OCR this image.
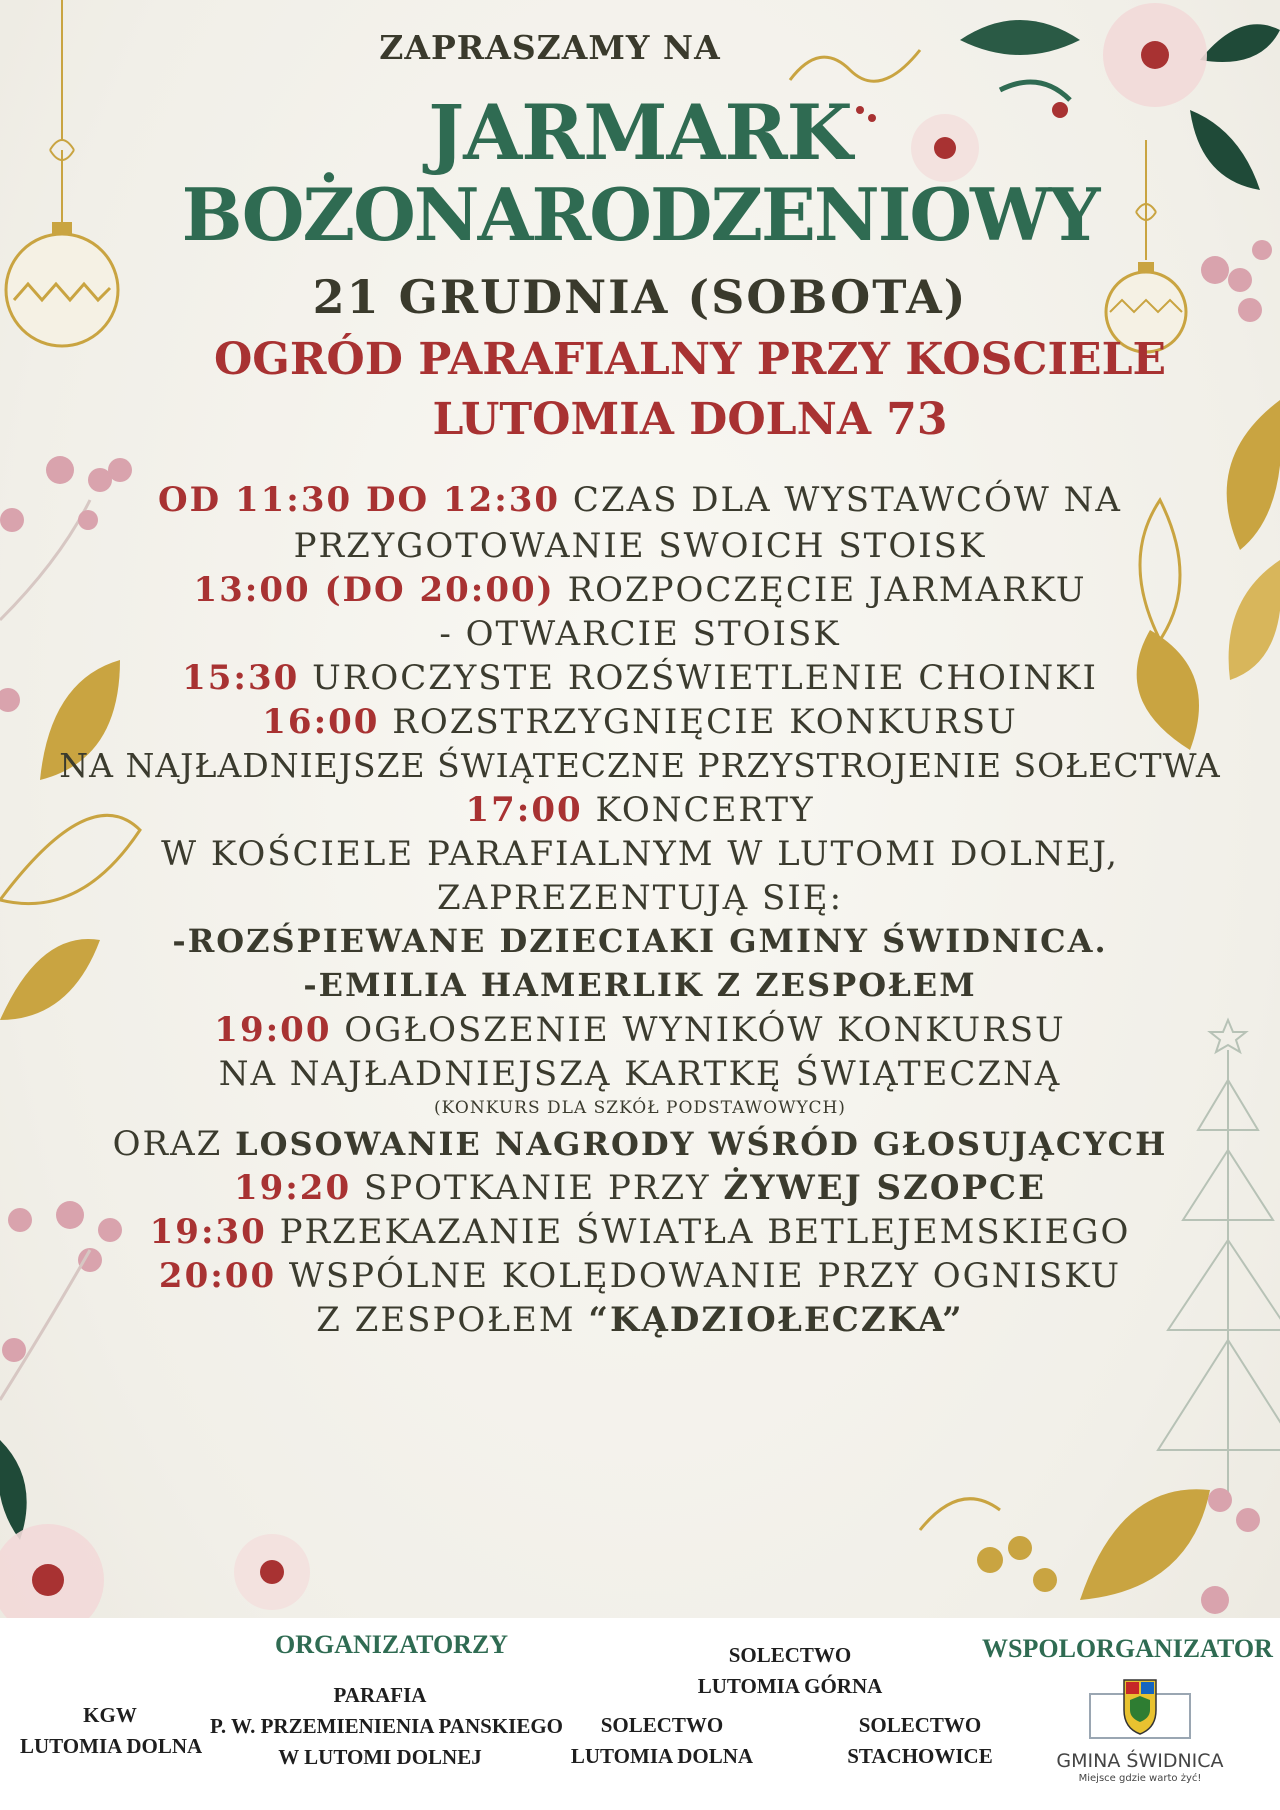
ZAPRASZAMY NA
JARMARK
BOŻONARODZENIOWY
21 GRUDNIA (SOBOTA)
OGRÓD PARAFIALNY PRZY KOSCIELE
LUTOMIA DOLNA 73
OD 11:30 DO 12:30 CZAS DLA WYSTAWCÓW NA
PRZYGOTOWANIE SWOICH STOISK
13:00 (DO 20:00) ROZPOCZĘCIE JARMARKU
- OTWARCIE STOISK
15:30 UROCZYSTE ROZŚWIETLENIE CHOINKI
16:00 ROZSTRZYGNIĘCIE KONKURSU
NA NAJŁADNIEJSZE ŚWIĄTECZNE PRZYSTROJENIE SOŁECTWA
17:00 KONCERTY
W KOŚCIELE PARAFIALNYM W LUTOMI DOLNEJ,
ZAPREZENTUJĄ SIĘ:
-ROZŚPIEWANE DZIECIAKI GMINY ŚWIDNICA.
-EMILIA HAMERLIK Z ZESPOŁEM
19:00 OGŁOSZENIE WYNIKÓW KONKURSU
NA NAJŁADNIEJSZĄ KARTKĘ ŚWIĄTECZNĄ
(KONKURS DLA SZKÓŁ PODSTAWOWYCH)
ORAZ LOSOWANIE NAGRODY WŚRÓD GŁOSUJĄCYCH
19:20 SPOTKANIE PRZY ŻYWEJ SZOPCE
19:30 PRZEKAZANIE ŚWIATŁA BETLEJEMSKIEGO
20:00 WSPÓLNE KOLĘDOWANIE PRZY OGNISKU
Z ZESPOŁEM “KĄDZIOŁECZKA”
ORGANIZATORZY	WSPOLORGANIZATOR
KGW
LUTOMIA DOLNA
PARAFIA
P. W. PRZEMIENIENIA PANSKIEGO
W LUTOMI DOLNEJ
SOLECTWO
LUTOMIA GÓRNA
SOLECTWO
LUTOMIA DOLNA
SOLECTWO
STACHOWICE	GMINA ŚWIDNICA
Miejsce gdzie warto żyć!
